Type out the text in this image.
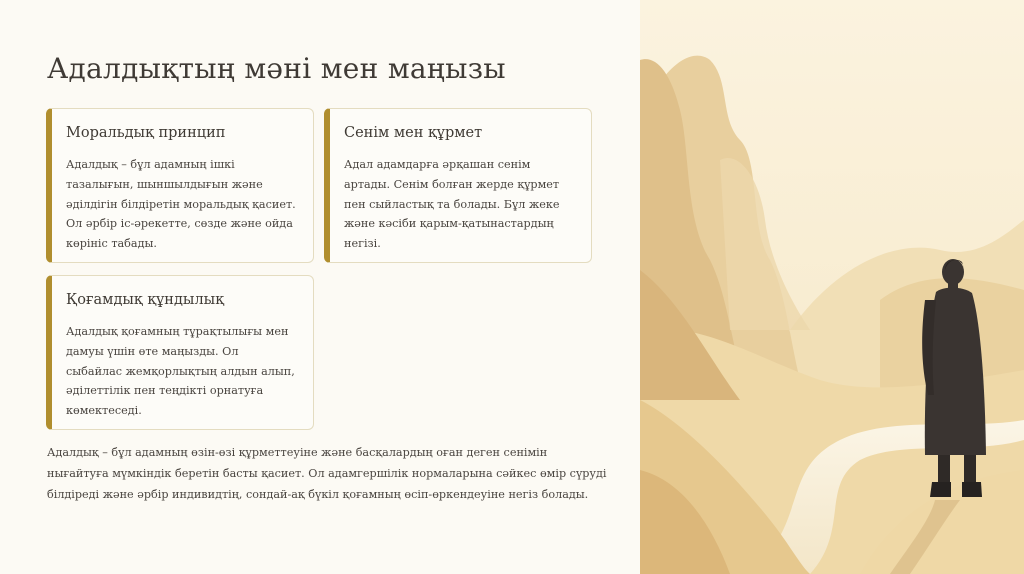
Адалдықтың мәні мен маңызы
Моральдық принцип

Адалдық – бұл адамның ішкі тазалығын, шыншылдығын және әділдігін білдіретін моральдық қасиет. Ол әрбір іс-әрекетте, сөзде және ойда көрініс табады.

Сенім мен құрмет

Адал адамдарға әрқашан сенім артады. Сенім болған жерде құрмет пен сыйластық та болады. Бұл жеке және кәсіби қарым-қатынастардың негізі.

Қоғамдық құндылық

Адалдық қоғамның тұрақтылығы мен дамуы үшін өте маңызды. Ол сыбайлас жемқорлықтың алдын алып, әділеттілік пен теңдікті орнатуға көмектеседі.

Адалдық – бұл адамның өзін-өзі құрметтеуіне және басқалардың оған деген сенімін нығайтуға мүмкіндік беретін басты қасиет. Ол адамгершілік нормаларына сәйкес өмір сүруді білдіреді және әрбір индивидтің, сондай-ақ бүкіл қоғамның өсіп-өркендеуіне негіз болады.
